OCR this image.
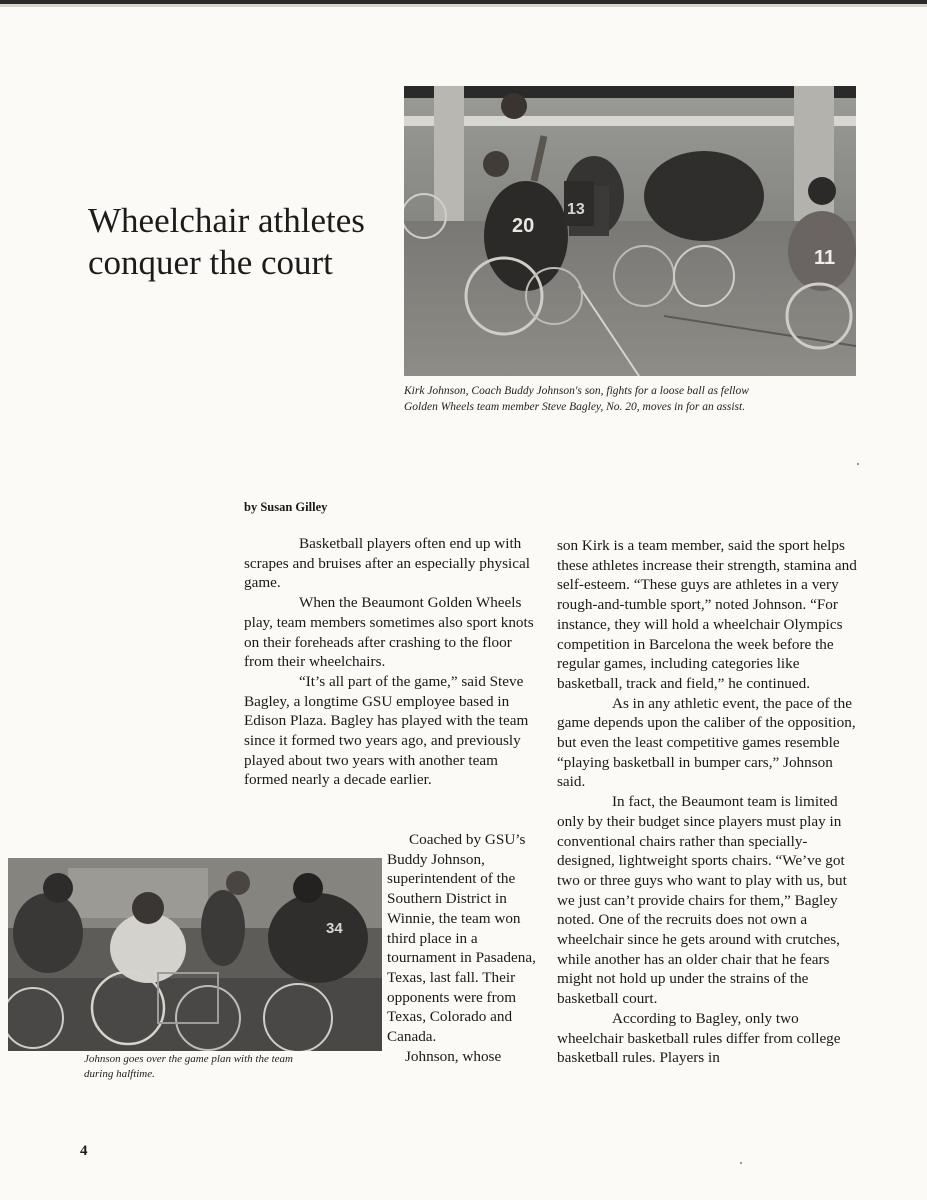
Wheelchair athletes
conquer the court
20
13
11
Kirk Johnson, Coach Buddy Johnson's son, fights for a loose ball as fellow
Golden Wheels team member Steve Bagley, No. 20, moves in for an assist.
by Susan Gilley

Basketball players often end up with scrapes and bruises after an especially physical game.

When the Beaumont Golden Wheels play, team members sometimes also sport knots on their foreheads after crashing to the floor from their wheelchairs.

“It’s all part of the game,” said Steve Bagley, a longtime GSU employee based in Edison Plaza. Bagley has played with the team since it formed two years ago, and previously played about two years with another team formed nearly a decade earlier.

34
Johnson goes over the game plan with the team
during halftime.

Coached by GSU’s Buddy Johnson, superintendent of the Southern District in Winnie, the team won third place in a tournament in Pasadena, Texas, last fall. Their opponents were from Texas, Colorado and Canada.

Johnson, whose

son Kirk is a team member, said the sport helps these athletes increase their strength, stamina and self-esteem. “These guys are athletes in a very rough-and-tumble sport,” noted Johnson. “For instance, they will hold a wheelchair Olympics competition in Barcelona the week before the regular games, including categories like basketball, track and field,” he continued.

As in any athletic event, the pace of the game depends upon the caliber of the opposition, but even the least competitive games resemble “playing basketball in bumper cars,” Johnson said.

In fact, the Beaumont team is limited only by their budget since players must play in conventional chairs rather than specially-designed, lightweight sports chairs. “We’ve got two or three guys who want to play with us, but we just can’t provide chairs for them,” Bagley noted. One of the recruits does not own a wheelchair since he gets around with crutches, while another has an older chair that he fears might not hold up under the strains of the basketball court.

According to Bagley, only two wheelchair basketball rules differ from college basketball rules. Players in

4
